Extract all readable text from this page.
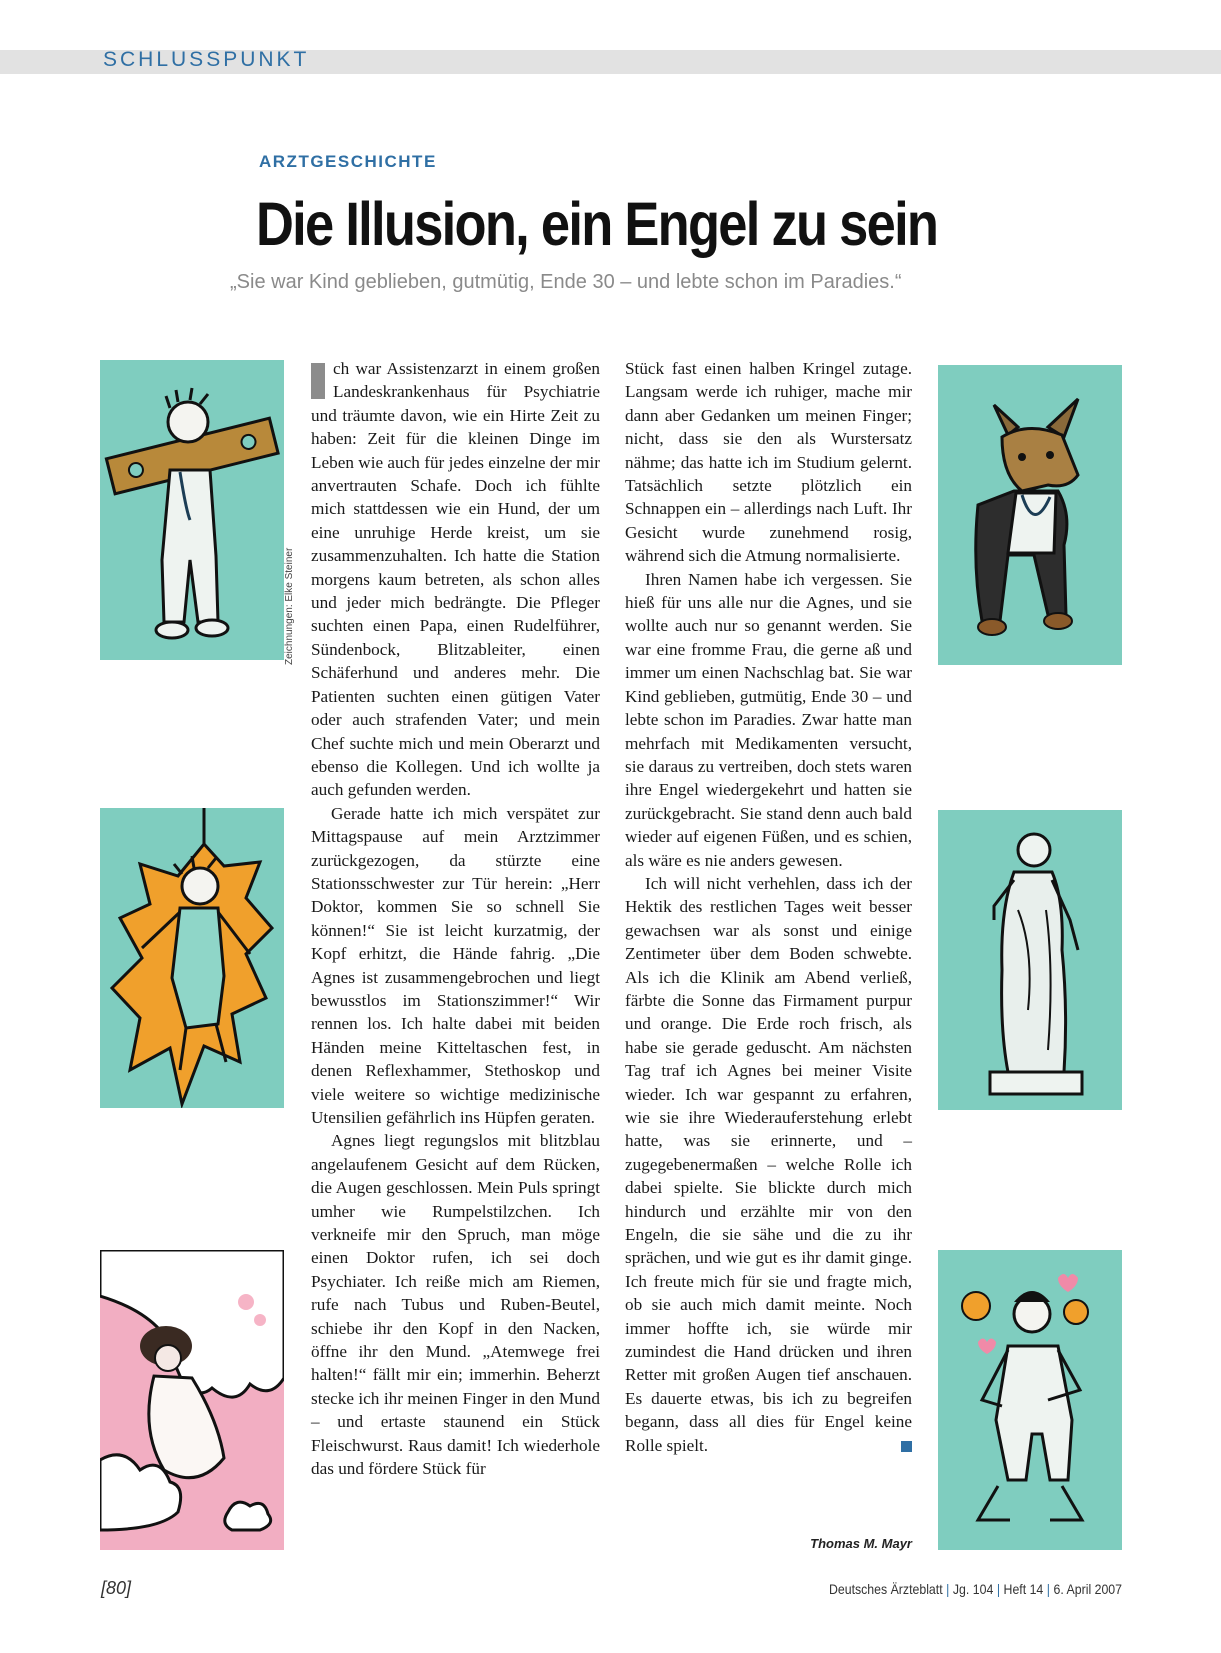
SCHLUSSPUNKT
ARZTGESCHICHTE
Die Illusion, ein Engel zu sein
„Sie war Kind geblieben, gutmütig, Ende 30 – und lebte schon im Paradies.“
Zeichnungen: Elke Steiner

ch war Assistenzarzt in einem großen Landeskrankenhaus für Psychiatrie und träumte davon, wie ein Hirte Zeit zu haben: Zeit für die kleinen Dinge im Leben wie auch für jedes einzelne der mir anvertrauten Schafe. Doch ich fühlte mich stattdessen wie ein Hund, der um eine unruhige Herde kreist, um sie zusammenzuhalten. Ich hatte die Station morgens kaum betreten, als schon alles und jeder mich bedrängte. Die Pfleger suchten einen Papa, einen Rudelführer, Sündenbock, Blitzableiter, einen Schäferhund und anderes mehr. Die Patienten suchten einen gütigen Vater oder auch strafenden Vater; und mein Chef suchte mich und mein Oberarzt und ebenso die Kollegen. Und ich wollte ja auch gefunden werden.

Gerade hatte ich mich verspätet zur Mittagspause auf mein Arztzimmer zurückgezogen, da stürzte eine Stationsschwester zur Tür herein: „Herr Doktor, kommen Sie so schnell Sie können!“ Sie ist leicht kurzatmig, der Kopf erhitzt, die Hände fahrig. „Die Agnes ist zusammengebrochen und liegt bewusstlos im Stationszimmer!“ Wir rennen los. Ich halte dabei mit beiden Händen meine Kitteltaschen fest, in denen Reflexhammer, Stethoskop und viele weitere so wichtige medizinische Utensilien gefährlich ins Hüpfen geraten.

Agnes liegt regungslos mit blitzblau angelaufenem Gesicht auf dem Rücken, die Augen geschlossen. Mein Puls springt umher wie Rumpelstilzchen. Ich verkneife mir den Spruch, man möge einen Doktor rufen, ich sei doch Psychiater. Ich reiße mich am Riemen, rufe nach Tubus und Ruben-Beutel, schiebe ihr den Kopf in den Nacken, öffne ihr den Mund. „Atemwege frei halten!“ fällt mir ein; immerhin. Beherzt stecke ich ihr meinen Finger in den Mund – und ertaste staunend ein Stück Fleischwurst. Raus damit! Ich wiederhole das und fördere Stück für

Stück fast einen halben Kringel zutage. Langsam werde ich ruhiger, mache mir dann aber Gedanken um meinen Finger; nicht, dass sie den als Wurstersatz nähme; das hatte ich im Studium gelernt. Tatsächlich setzte plötzlich ein Schnappen ein – allerdings nach Luft. Ihr Gesicht wurde zunehmend rosig, während sich die Atmung normalisierte.

Ihren Namen habe ich vergessen. Sie hieß für uns alle nur die Agnes, und sie wollte auch nur so genannt werden. Sie war eine fromme Frau, die gerne aß und immer um einen Nachschlag bat. Sie war Kind geblieben, gutmütig, Ende 30 – und lebte schon im Paradies. Zwar hatte man mehrfach mit Medikamenten versucht, sie daraus zu vertreiben, doch stets waren ihre Engel wiedergekehrt und hatten sie zurückgebracht. Sie stand denn auch bald wieder auf eigenen Füßen, und es schien, als wäre es nie anders gewesen.

Ich will nicht verhehlen, dass ich der Hektik des restlichen Tages weit besser gewachsen war als sonst und einige Zentimeter über dem Boden schwebte. Als ich die Klinik am Abend verließ, färbte die Sonne das Firmament purpur und orange. Die Erde roch frisch, als habe sie gerade geduscht. Am nächsten Tag traf ich Agnes bei meiner Visite wieder. Ich war gespannt zu erfahren, wie sie ihre Wiederauferstehung erlebt hatte, was sie erinnerte, und – zugegebenermaßen – welche Rolle ich dabei spielte. Sie blickte durch mich hindurch und erzählte mir von den Engeln, die sie sähe und die zu ihr sprächen, und wie gut es ihr damit ginge. Ich freute mich für sie und fragte mich, ob sie auch mich damit meinte. Noch immer hoffte ich, sie würde mir zumindest die Hand drücken und ihren Retter mit großen Augen tief anschauen. Es dauerte etwas, bis ich zu begreifen begann, dass all dies für Engel keine Rolle spielt.

Thomas M. Mayr
[80]	Deutsches Ärzteblatt | Jg. 104 | Heft 14 | 6. April 2007
